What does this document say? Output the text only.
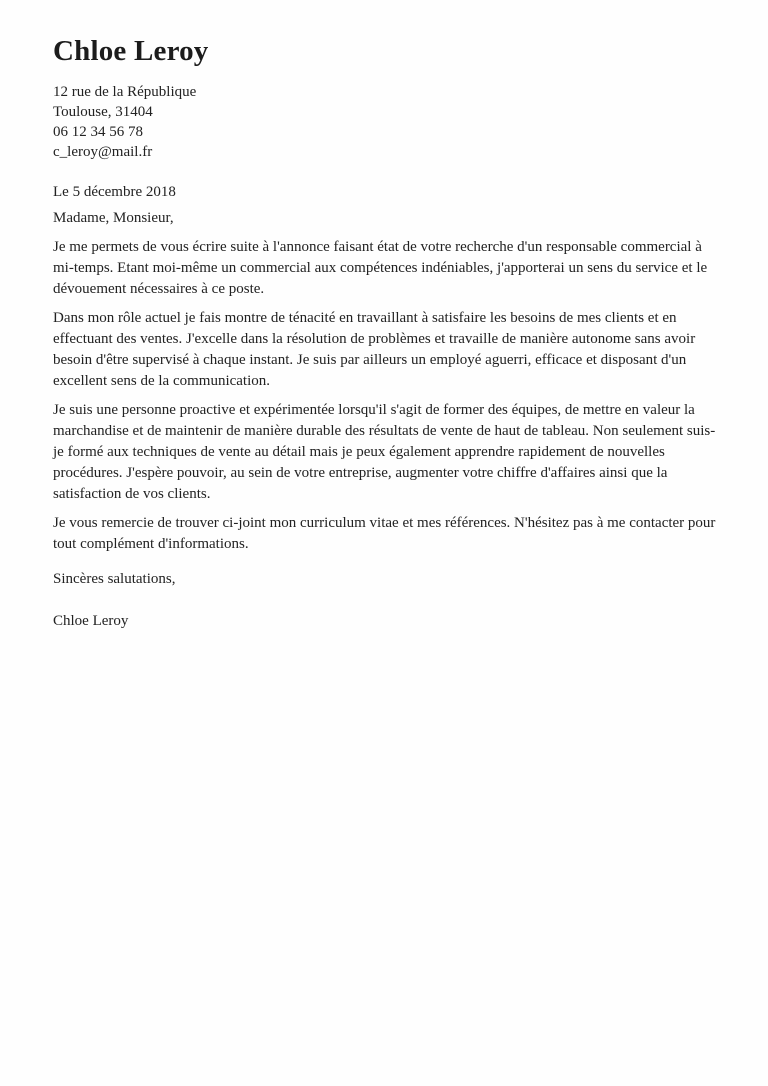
Chloe Leroy

12 rue de la République

Toulouse, 31404

06 12 34 56 78

c_leroy@mail.fr

Le 5 décembre 2018

Madame, Monsieur,

Je me permets de vous écrire suite à l'annonce faisant état de votre recherche d'un responsable commercial à mi-temps. Etant moi-même un commercial aux compétences indéniables, j'apporterai un sens du service et le dévouement nécessaires à ce poste.

Dans mon rôle actuel je fais montre de ténacité en travaillant à satisfaire les besoins de mes clients et en effectuant des ventes. J'excelle dans la résolution de problèmes et travaille de manière autonome sans avoir besoin d'être supervisé à chaque instant. Je suis par ailleurs un employé aguerri, efficace et disposant d'un excellent sens de la communication.

Je suis une personne proactive et expérimentée lorsqu'il s'agit de former des équipes, de mettre en valeur la marchandise et de maintenir de manière durable des résultats de vente de haut de tableau. Non seulement suis-je formé aux techniques de vente au détail mais je peux également apprendre rapidement de nouvelles procédures. J'espère pouvoir, au sein de votre entreprise, augmenter votre chiffre d'affaires ainsi que la satisfaction de vos clients.

Je vous remercie de trouver ci-joint mon curriculum vitae et mes références. N'hésitez pas à me contacter pour tout complément d'informations.

Sincères salutations,

Chloe Leroy
